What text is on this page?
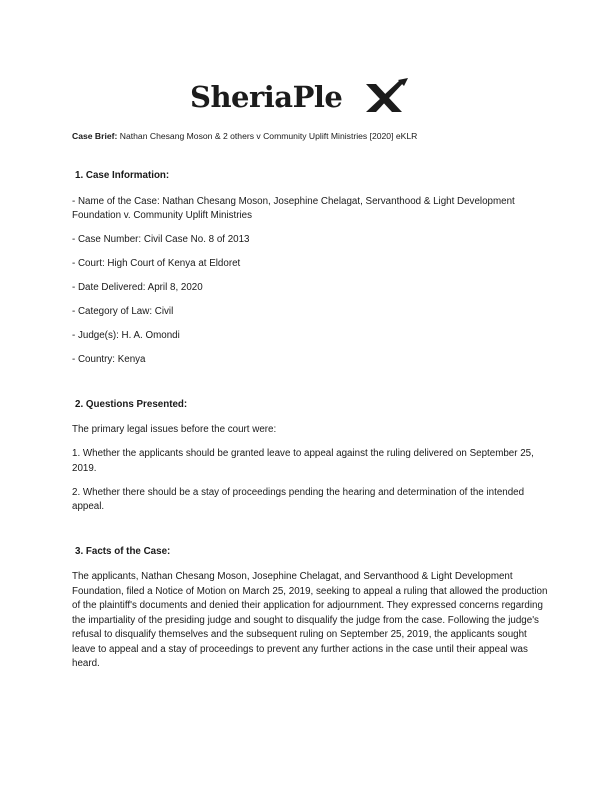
SheriaPle
Case Brief: Nathan Chesang Moson & 2 others v Community Uplift Ministries [2020] eKLR

1. Case Information:

- Name of the Case: Nathan Chesang Moson, Josephine Chelagat, Servanthood & Light Development Foundation v. Community Uplift Ministries

- Case Number: Civil Case No. 8 of 2013

- Court: High Court of Kenya at Eldoret

- Date Delivered: April 8, 2020

- Category of Law: Civil

- Judge(s): H. A. Omondi

- Country: Kenya

2. Questions Presented:

The primary legal issues before the court were:

1. Whether the applicants should be granted leave to appeal against the ruling delivered on September 25, 2019.

2. Whether there should be a stay of proceedings pending the hearing and determination of the intended appeal.

3. Facts of the Case:

The applicants, Nathan Chesang Moson, Josephine Chelagat, and Servanthood & Light Development Foundation, filed a Notice of Motion on March 25, 2019, seeking to appeal a ruling that allowed the production of the plaintiff's documents and denied their application for adjournment. They expressed concerns regarding the impartiality of the presiding judge and sought to disqualify the judge from the case. Following the judge's refusal to disqualify themselves and the subsequent ruling on September 25, 2019, the applicants sought leave to appeal and a stay of proceedings to prevent any further actions in the case until their appeal was heard.
